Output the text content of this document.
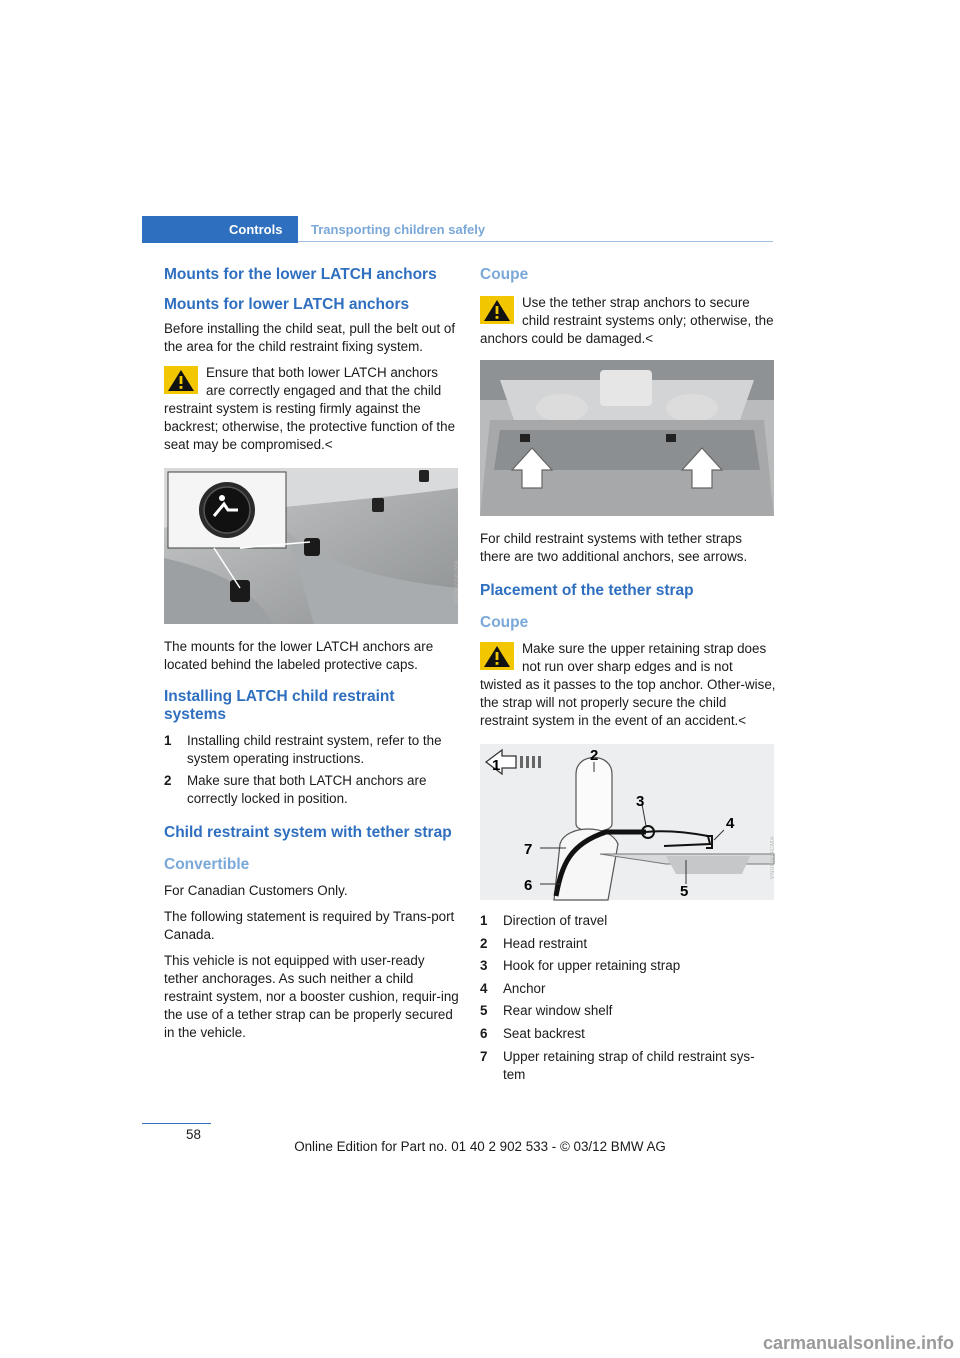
Controls Transporting children safely
Mounts for the lower LATCH anchors
Mounts for lower LATCH anchors

Before installing the child seat, pull the belt out of the area for the child restraint fixing system.

Ensure that both lower LATCH anchors are correctly engaged and that the child restraint system is resting firmly against the backrest; otherwise, the protective function of the seat may be compromised.<
VN00202CMA

The mounts for the lower LATCH anchors are located behind the labeled protective caps.

Installing LATCH child restraint systems
1 Installing child restraint system, refer to the system operating instructions.
2 Make sure that both LATCH anchors are correctly locked in position.
Child restraint system with tether strap
Convertible

For Canadian Customers Only.

The following statement is required by Trans-port Canada.

This vehicle is not equipped with user-ready tether anchorages. As such neither a child restraint system, nor a booster cushion, requir-ing the use of a tether strap can be properly secured in the vehicle.

Coupe
Use the tether strap anchors to secure child restraint systems only; otherwise, the anchors could be damaged.<
VN02080CMA

For child restraint systems with tether straps there are two additional anchors, see arrows.

Placement of the tether strap
Coupe
Make sure the upper retaining strap does not run over sharp edges and is not twisted as it passes to the top anchor. Other-wise, the strap will not properly secure the child restraint system in the event of an accident.<
1
2
3
4
5
6
7	VN00904CMA
1 Direction of travel
2 Head restraint
3 Hook for upper retaining strap
4 Anchor
5 Rear window shelf
6 Seat backrest
7 Upper retaining strap of child restraint sys-tem
58
Online Edition for Part no. 01 40 2 902 533 - © 03/12 BMW AG
carmanualsonline.info
